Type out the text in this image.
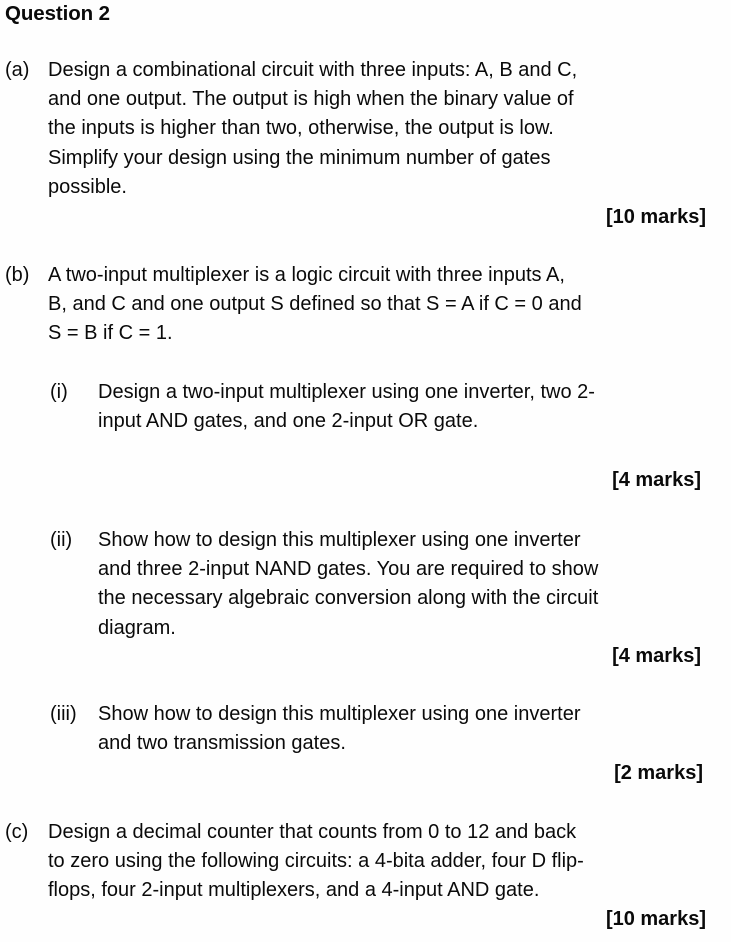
Question 2
(a) Design a combinational circuit with three inputs: A, B and C,
and one output. The output is high when the binary value of
the inputs is higher than two, otherwise, the output is low.
Simplify your design using the minimum number of gates
possible.
[10 marks]
(b) A two-input multiplexer is a logic circuit with three inputs A,
B, and C and one output S defined so that S = A if C = 0 and
S = B if C = 1.
(i)	Design a two-input multiplexer using one inverter, two 2-
input AND gates, and one 2-input OR gate.
[4 marks]
(ii)	Show how to design this multiplexer using one inverter
and three 2-input NAND gates. You are required to show
the necessary algebraic conversion along with the circuit
diagram.
[4 marks]
(iii)	Show how to design this multiplexer using one inverter
and two transmission gates.
[2 marks]
(c) Design a decimal counter that counts from 0 to 12 and back
to zero using the following circuits: a 4-bita adder, four D flip-
flops, four 2-input multiplexers, and a 4-input AND gate.
[10 marks]
